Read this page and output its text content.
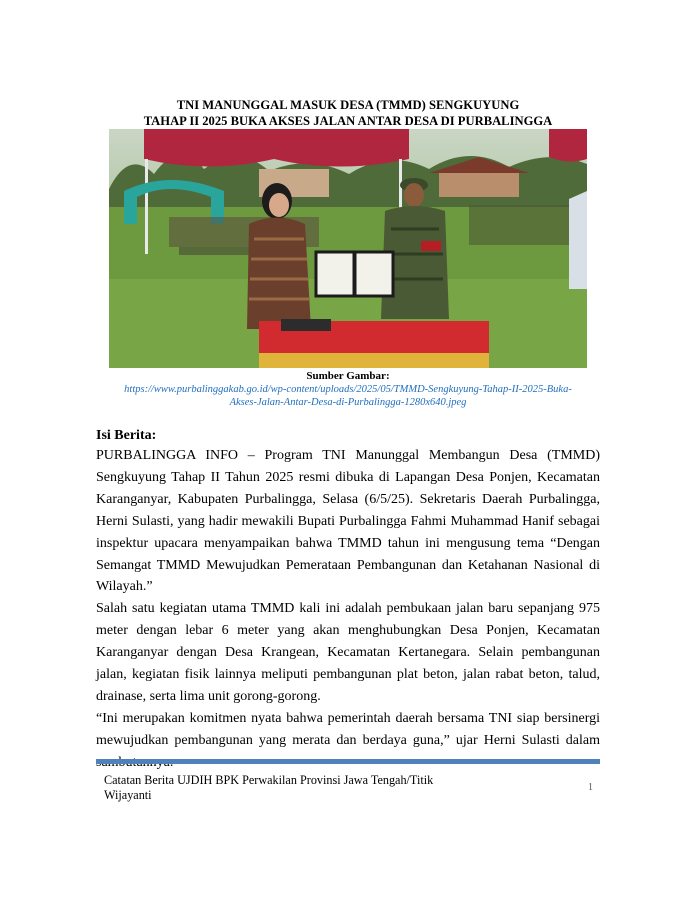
TNI MANUNGGAL MASUK DESA (TMMD) SENGKUYUNG
TAHAP II 2025 BUKA AKSES JALAN ANTAR DESA DI PURBALINGGA
Sumber Gambar:
https://www.purbalinggakab.go.id/wp-content/uploads/2025/05/TMMD-Sengkuyung-Tahap-II-2025-Buka-
Akses-Jalan-Antar-Desa-di-Purbalingga-1280x640.jpeg
Isi Berita:

PURBALINGGA INFO – Program TNI Manunggal Membangun Desa (TMMD) Sengkuyung Tahap II Tahun 2025 resmi dibuka di Lapangan Desa Ponjen, Kecamatan Karanganyar, Kabupaten Purbalingga, Selasa (6/5/25). Sekretaris Daerah Purbalingga, Herni Sulasti, yang hadir mewakili Bupati Purbalingga Fahmi Muhammad Hanif sebagai inspektur upacara menyampaikan bahwa TMMD tahun ini mengusung tema “Dengan Semangat TMMD Mewujudkan Pemerataan Pembangunan dan Ketahanan Nasional di Wilayah.”

Salah satu kegiatan utama TMMD kali ini adalah pembukaan jalan baru sepanjang 975 meter dengan lebar 6 meter yang akan menghubungkan Desa Ponjen, Kecamatan Karanganyar dengan Desa Krangean, Kecamatan Kertanegara. Selain pembangunan jalan, kegiatan fisik lainnya meliputi pembangunan plat beton, jalan rabat beton, talud, drainase, serta lima unit gorong-gorong.

“Ini merupakan komitmen nyata bahwa pemerintah daerah bersama TNI siap bersinergi mewujudkan pembangunan yang merata dan berdaya guna,” ujar Herni Sulasti dalam

Catatan Berita UJDIH BPK Perwakilan Provinsi Jawa Tengah/Titik
Wijayanti
1
